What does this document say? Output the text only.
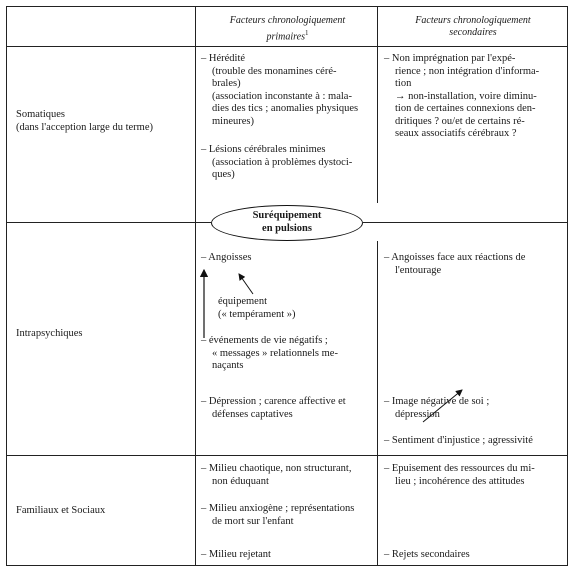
Facteurs chronologiquement
primaires$^1$
Facteurs chronologiquement
secondaires
Somatiques
(dans l'acception large du terme)
Intrapsychiques
Familiaux et Sociaux
– Hérédité
(trouble des monamines céré-
brales)
(association inconstante à : mala-
dies des tics ; anomalies physiques
mineures)
– Lésions cérébrales minimes
(association à problèmes dystoci-
ques)
– Non imprégnation par l'expé-
rience ; non intégration d'informa-
tion
→ non-installation, voire diminu-
tion de certaines connexions den-
dritiques ? ou/et de certains ré-
seaux associatifs cérébraux ?
Suréquipement
en pulsions
– Angoisses
équipement
(« tempérament »)
– événements de vie négatifs ;
« messages » relationnels me-
naçants
– Dépression ; carence affective et
défenses captatives
– Angoisses face aux réactions de
l'entourage
– Image négative de soi ;
dépression
– Sentiment d'injustice ; agressivité
– Milieu chaotique, non structurant,
non éduquant
– Milieu anxiogène ; représentations
de mort sur l'enfant
– Milieu rejetant
– Epuisement des ressources du mi-
lieu ; incohérence des attitudes
– Rejets secondaires
